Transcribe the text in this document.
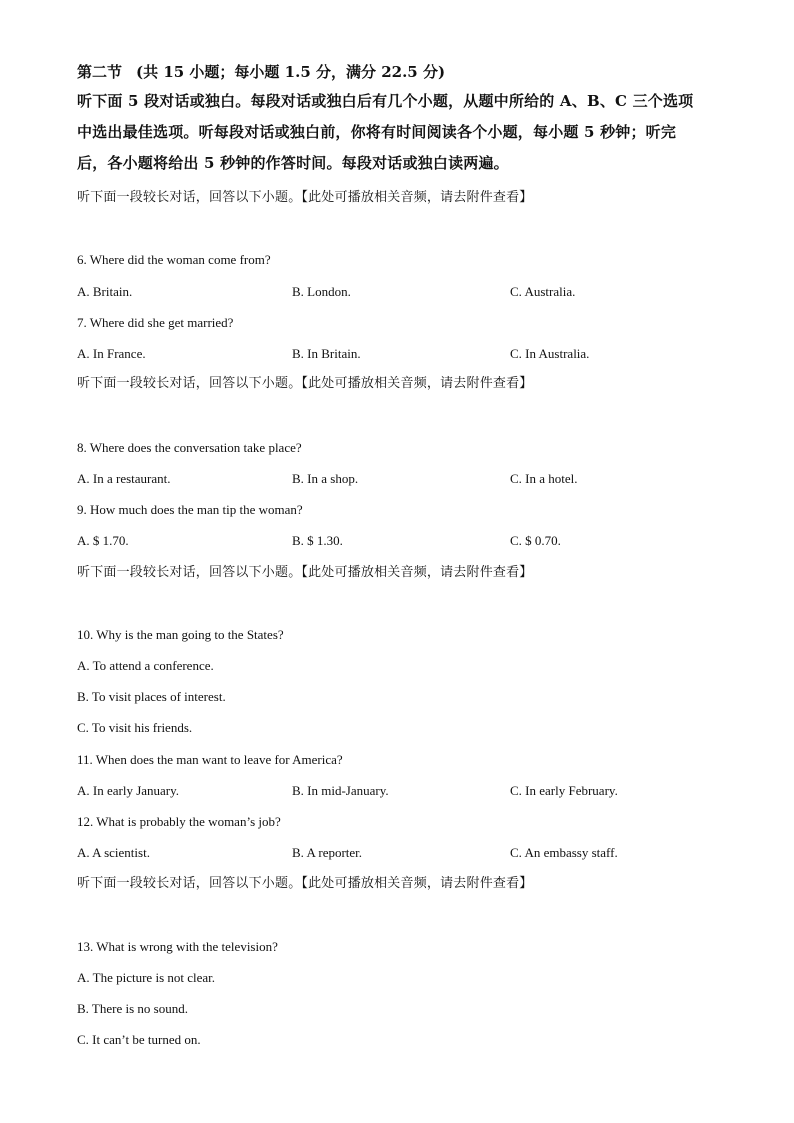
第二节 (共 15 小题；每小题 1.5 分，满分 22.5 分)
听下面 5 段对话或独白。每段对话或独白后有几个小题，从题中所给的 A、B、C 三个选项
中选出最佳选项。听每段对话或独白前，你将有时间阅读各个小题，每小题 5 秒钟；听完
后，各小题将给出 5 秒钟的作答时间。每段对话或独白读两遍。
听下面一段较长对话，回答以下小题。【此处可播放相关音频，请去附件查看】
6. Where did the woman come from?
A. Britain.	B. London.	C. Australia.
7. Where did she get married?
A. In France.	B. In Britain.	C. In Australia.
听下面一段较长对话，回答以下小题。【此处可播放相关音频，请去附件查看】
8. Where does the conversation take place?
A. In a restaurant.	B. In a shop.	C. In a hotel.
9. How much does the man tip the woman?
A. $ 1.70.	B. $ 1.30.	C. $ 0.70.
听下面一段较长对话，回答以下小题。【此处可播放相关音频，请去附件查看】
10. Why is the man going to the States?
A. To attend a conference.
B. To visit places of interest.
C. To visit his friends.
11. When does the man want to leave for America?
A. In early January.	B. In mid-January.	C. In early February.
12. What is probably the woman’s job?
A. A scientist.	B. A reporter.	C. An embassy staff.
听下面一段较长对话，回答以下小题。【此处可播放相关音频，请去附件查看】
13. What is wrong with the television?
A. The picture is not clear.
B. There is no sound.
C. It can’t be turned on.
